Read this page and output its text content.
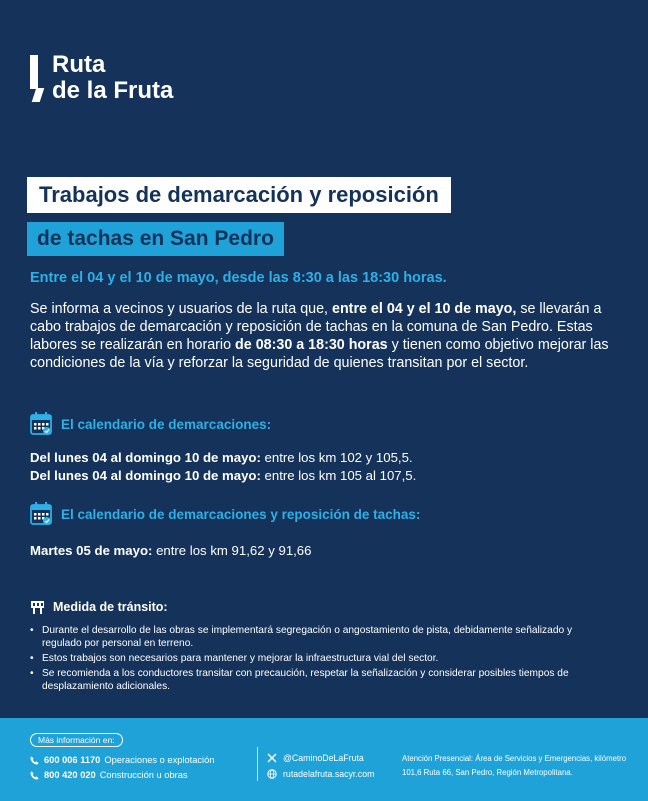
Ruta
de la Fruta
Trabajos de demarcación y reposición
de tachas en San Pedro
Entre el 04 y el 10 de mayo, desde las 8:30 a las 18:30 horas.
Se informa a vecinos y usuarios de la ruta que, entre el 04 y el 10 de mayo, se llevarán a cabo trabajos de demarcación y reposición de tachas en la comuna de San Pedro. Estas labores se realizarán en horario de 08:30 a 18:30 horas y tienen como objetivo mejorar las condiciones de la vía y reforzar la seguridad de quienes transitan por el sector.
El calendario de demarcaciones:
Del lunes 04 al domingo 10 de mayo: entre los km 102 y 105,5.
Del lunes 04 al domingo 10 de mayo: entre los km 105 al 107,5.
El calendario de demarcaciones y reposición de tachas:
Martes 05 de mayo: entre los km 91,62 y 91,66
Medida de tránsito:
• Durante el desarrollo de las obras se implementará segregación o angostamiento de pista, debidamente señalizado y regulado por personal en terreno.
• Estos trabajos son necesarios para mantener y mejorar la infraestructura vial del sector.
• Se recomienda a los conductores transitar con precaución, respetar la señalización y considerar posibles tiempos de desplazamiento adicionales.
Más información en:
600 006 1170 Operaciones o explotación
800 420 020 Construcción u obras
@CaminoDeLaFruta
rutadelafruta.sacyr.com
Atención Presencial: Área de Servicios y Emergencias, kilómetro 101,6 Ruta 66, San Pedro, Región Metropolitana.
